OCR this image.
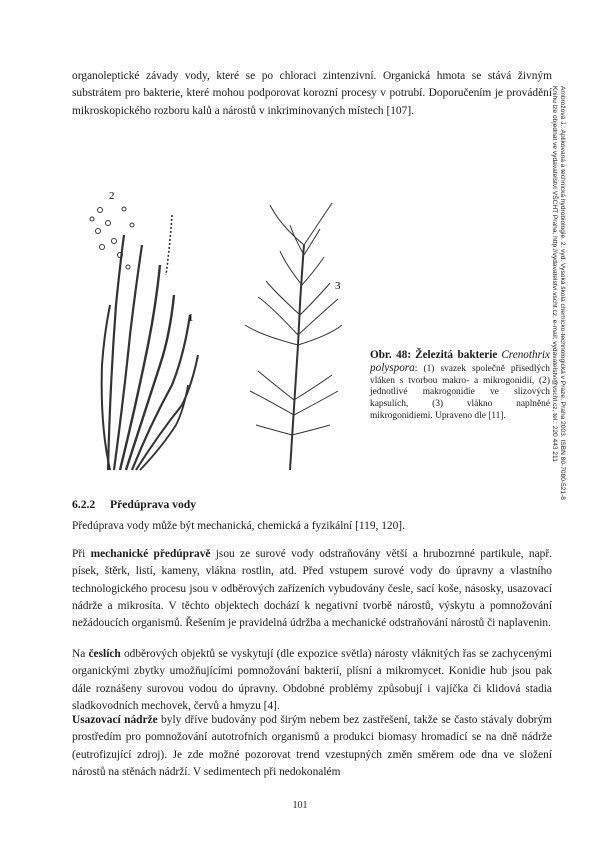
Ambrožová J.: Aplikovaná a technická hydrobiologie. 2. vyd. Vysoká škola chemicko-technologická v Praze, Praha 2003. ISBN 80-7080-521-8
Knihu lze objednat ve vydavatelství VŠCHT Praha, http://vydavatelstvi.vscht.cz, e-mail: vydavatelstvi@vscht.cz, tel.: 220 443 211

organoleptické závady vody, které se po chloraci zintenzivní. Organická hmota se stává živným substrátem pro bakterie, které mohou podporovat korozní procesy v potrubí. Doporučením je provádění mikroskopického rozboru kalů a nárostů v inkriminovaných místech [107].

2
1
3

Obr. 48: Železitá bakterie Crenothrix polyspora: (1) svazek společně přisedlých vláken s tvorbou makro- a mikrogonidií, (2) jednotlivé makrogonidie ve slizových kapsulích, (3) vlákno naplněné mikrogonidiemi. Upraveno dle [11].

6.2.2 Předúprava vody

Předúprava vody může být mechanická, chemická a fyzikální [119, 120].

Při mechanické předúpravě jsou ze surové vody odstraňovány větší a hrubozrnné partikule, např. písek, štěrk, listí, kameny, vlákna rostlin, atd. Před vstupem surové vody do úpravny a vlastního technologického procesu jsou v odběrových zařízeních vybudovány česle, sací koše, násosky, usazovací nádrže a mikrosíta. V těchto objektech dochází k negativní tvorbě nárostů, výskytu a pomnožování nežádoucích organismů. Řešením je pravidelná údržba a mechanické odstraňování nárostů či naplavenin.

Na česlích odběrových objektů se vyskytují (dle expozice světla) nárosty vláknitých řas se zachycenými organickými zbytky umožňujícími pomnožování bakterií, plísní a mikromycet. Konidie hub jsou pak dále roznášeny surovou vodou do úpravny. Obdobné problémy způsobují i vajíčka či klidová stadia sladkovodních mechovek, červů a hmyzu [4].

Usazovací nádrže byly dříve budovány pod širým nebem bez zastřešení, takže se často stávaly dobrým prostředím pro pomnožování autotrofních organismů a produkci biomasy hromadící se na dně nádrže (eutrofizující zdroj). Je zde možné pozorovat trend vzestupných změn směrem ode dna ve složení nárostů na stěnách nádrží. V sedimentech při nedokonalém

101
